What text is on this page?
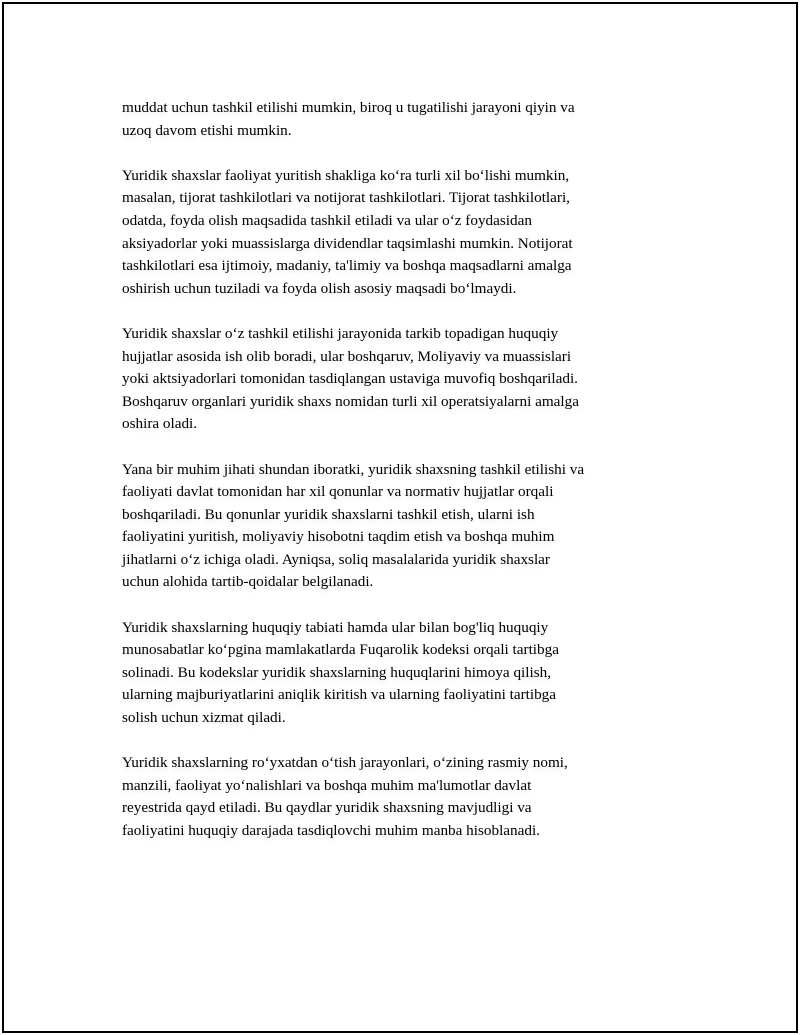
muddat uchun tashkil etilishi mumkin, biroq u tugatilishi jarayoni qiyin va
uzoq davom etishi mumkin.

Yuridik shaxslar faoliyat yuritish shakliga ko‘ra turli xil bo‘lishi mumkin,
masalan, tijorat tashkilotlari va notijorat tashkilotlari. Tijorat tashkilotlari,
odatda, foyda olish maqsadida tashkil etiladi va ular o‘z foydasidan
aksiyadorlar yoki muassislarga dividendlar taqsimlashi mumkin. Notijorat
tashkilotlari esa ijtimoiy, madaniy, ta'limiy va boshqa maqsadlarni amalga
oshirish uchun tuziladi va foyda olish asosiy maqsadi bo‘lmaydi.

Yuridik shaxslar o‘z tashkil etilishi jarayonida tarkib topadigan huquqiy
hujjatlar asosida ish olib boradi, ular boshqaruv, Moliyaviy va muassislari
yoki aktsiyadorlari tomonidan tasdiqlangan ustaviga muvofiq boshqariladi.
Boshqaruv organlari yuridik shaxs nomidan turli xil operatsiyalarni amalga
oshira oladi.

Yana bir muhim jihati shundan iboratki, yuridik shaxsning tashkil etilishi va
faoliyati davlat tomonidan har xil qonunlar va normativ hujjatlar orqali
boshqariladi. Bu qonunlar yuridik shaxslarni tashkil etish, ularni ish
faoliyatini yuritish, moliyaviy hisobotni taqdim etish va boshqa muhim
jihatlarni o‘z ichiga oladi. Ayniqsa, soliq masalalarida yuridik shaxslar
uchun alohida tartib-qoidalar belgilanadi.

Yuridik shaxslarning huquqiy tabiati hamda ular bilan bog'liq huquqiy
munosabatlar ko‘pgina mamlakatlarda Fuqarolik kodeksi orqali tartibga
solinadi. Bu kodekslar yuridik shaxslarning huquqlarini himoya qilish,
ularning majburiyatlarini aniqlik kiritish va ularning faoliyatini tartibga
solish uchun xizmat qiladi.

Yuridik shaxslarning ro‘yxatdan o‘tish jarayonlari, o‘zining rasmiy nomi,
manzili, faoliyat yo‘nalishlari va boshqa muhim ma'lumotlar davlat
reyestrida qayd etiladi. Bu qaydlar yuridik shaxsning mavjudligi va
faoliyatini huquqiy darajada tasdiqlovchi muhim manba hisoblanadi.
